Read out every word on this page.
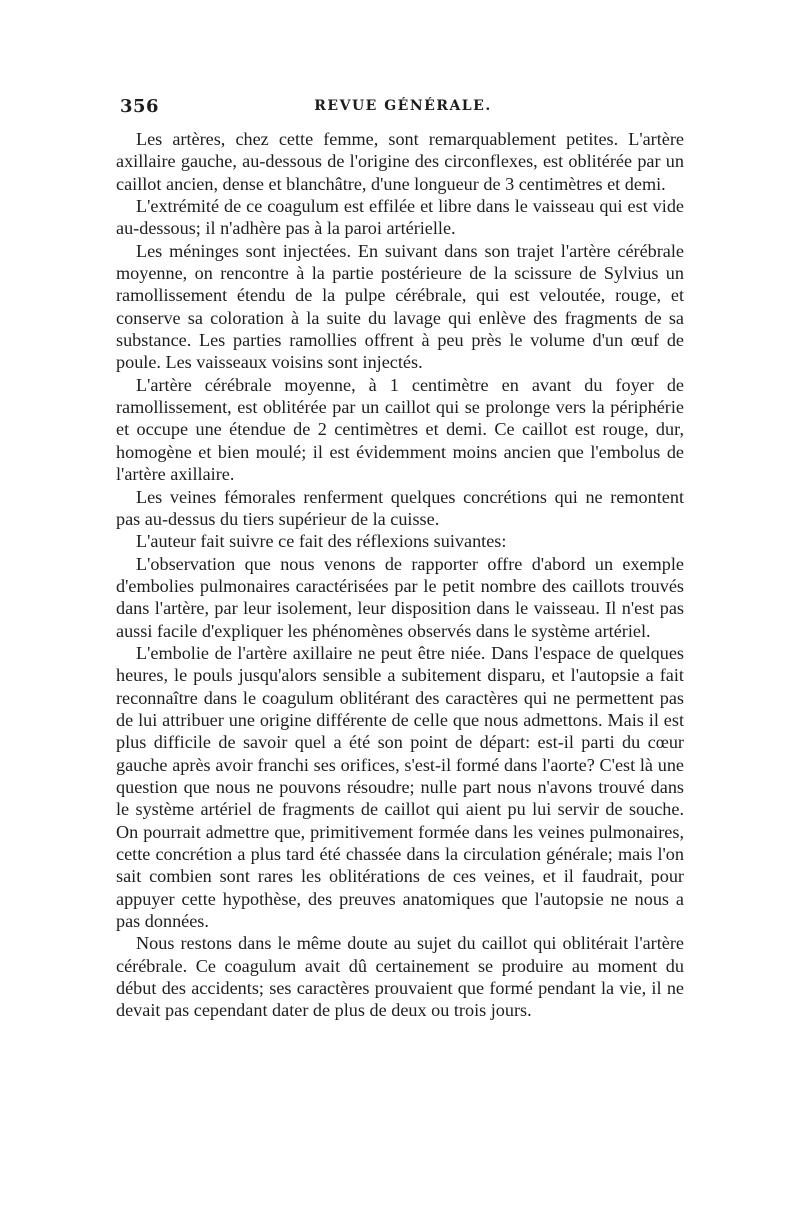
356	REVUE GÉNÉRALE.

Les artères, chez cette femme, sont remarquablement petites. L'artère axillaire gauche, au-dessous de l'origine des circonflexes, est oblitérée par un caillot ancien, dense et blanchâtre, d'une longueur de 3 centimètres et demi.

L'extrémité de ce coagulum est effilée et libre dans le vaisseau qui est vide au-dessous; il n'adhère pas à la paroi artérielle.

Les méninges sont injectées. En suivant dans son trajet l'artère cérébrale moyenne, on rencontre à la partie postérieure de la scissure de Sylvius un ramollissement étendu de la pulpe cérébrale, qui est veloutée, rouge, et conserve sa coloration à la suite du lavage qui enlève des fragments de sa substance. Les parties ramollies offrent à peu près le volume d'un œuf de poule. Les vaisseaux voisins sont injectés.

L'artère cérébrale moyenne, à 1 centimètre en avant du foyer de ramollissement, est oblitérée par un caillot qui se prolonge vers la périphérie et occupe une étendue de 2 centimètres et demi. Ce caillot est rouge, dur, homogène et bien moulé; il est évidemment moins ancien que l'embolus de l'artère axillaire.

Les veines fémorales renferment quelques concrétions qui ne remontent pas au-dessus du tiers supérieur de la cuisse.

L'auteur fait suivre ce fait des réflexions suivantes:

L'observation que nous venons de rapporter offre d'abord un exemple d'embolies pulmonaires caractérisées par le petit nombre des caillots trouvés dans l'artère, par leur isolement, leur disposition dans le vaisseau. Il n'est pas aussi facile d'expliquer les phénomènes observés dans le système artériel.

L'embolie de l'artère axillaire ne peut être niée. Dans l'espace de quelques heures, le pouls jusqu'alors sensible a subitement disparu, et l'autopsie a fait reconnaître dans le coagulum oblitérant des caractères qui ne permettent pas de lui attribuer une origine différente de celle que nous admettons. Mais il est plus difficile de savoir quel a été son point de départ: est-il parti du cœur gauche après avoir franchi ses orifices, s'est-il formé dans l'aorte? C'est là une question que nous ne pouvons résoudre; nulle part nous n'avons trouvé dans le système artériel de fragments de caillot qui aient pu lui servir de souche. On pourrait admettre que, primitivement formée dans les veines pulmonaires, cette concrétion a plus tard été chassée dans la circulation générale; mais l'on sait combien sont rares les oblitérations de ces veines, et il faudrait, pour appuyer cette hypothèse, des preuves anatomiques que l'autopsie ne nous a pas données.

Nous restons dans le même doute au sujet du caillot qui oblitérait l'artère cérébrale. Ce coagulum avait dû certainement se produire au moment du début des accidents; ses caractères prouvaient que formé pendant la vie, il ne devait pas cependant dater de plus de deux ou trois jours.
